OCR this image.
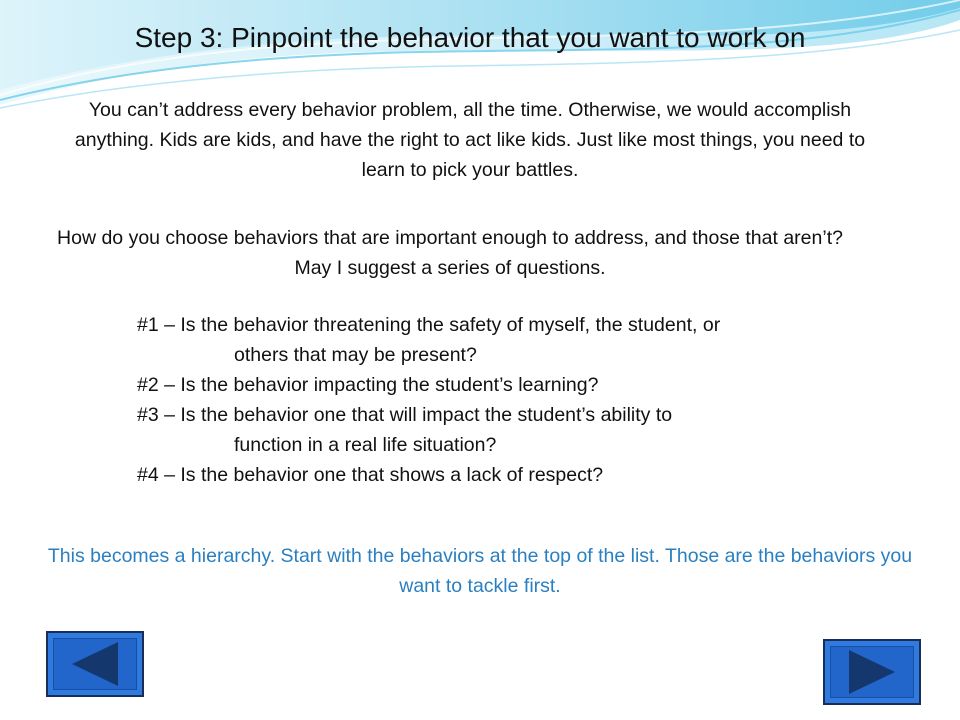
Step 3: Pinpoint the behavior that you want to work on
You can’t address every behavior problem, all the time. Otherwise, we would accomplish anything. Kids are kids, and have the right to act like kids. Just like most things, you need to learn to pick your battles.
How do you choose behaviors that are important enough to address, and those that aren’t? May I suggest a series of questions.
#1 – Is the behavior threatening the safety of myself, the student, or
others that may be present?
#2 – Is the behavior impacting the student’s learning?
#3 – Is the behavior one that will impact the student’s ability to
function in a real life situation?
#4 – Is the behavior one that shows a lack of respect?
This becomes a hierarchy. Start with the behaviors at the top of the list. Those are the behaviors you want to tackle first.
